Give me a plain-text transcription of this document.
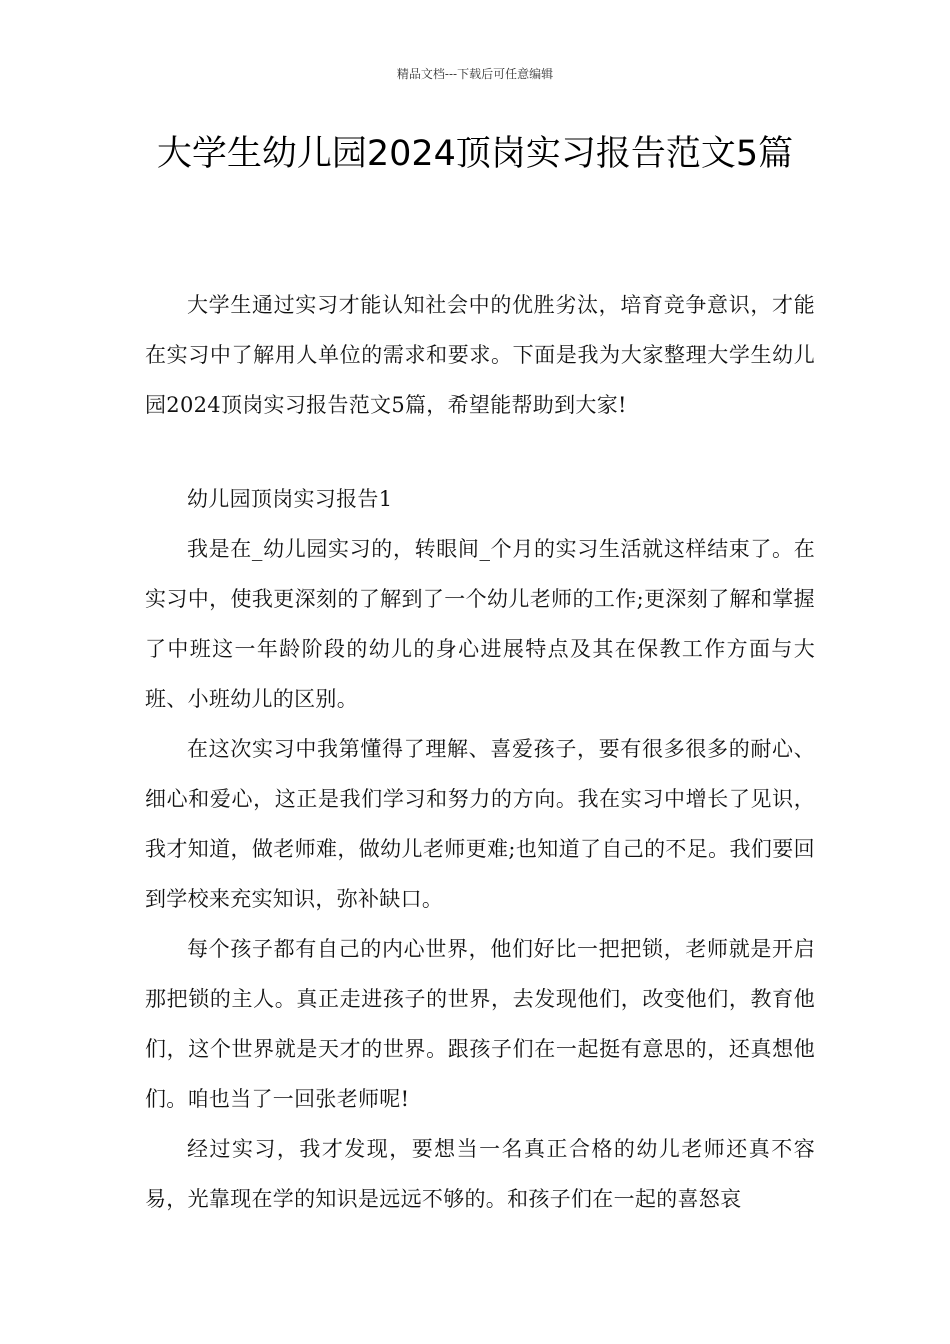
精品文档---下载后可任意编辑
大学生幼儿园2024顶岗实习报告范文5篇

大学生通过实习才能认知社会中的优胜劣汰，培育竞争意识，才能在实习中了解用人单位的需求和要求。下面是我为大家整理大学生幼儿园2024顶岗实习报告范文5篇，希望能帮助到大家!

幼儿园顶岗实习报告1

我是在_幼儿园实习的，转眼间_个月的实习生活就这样结束了。在实习中，使我更深刻的了解到了一个幼儿老师的工作;更深刻了解和掌握了中班这一年龄阶段的幼儿的身心进展特点及其在保教工作方面与大班、小班幼儿的区别。

在这次实习中我第懂得了理解、喜爱孩子，要有很多很多的耐心、细心和爱心，这正是我们学习和努力的方向。我在实习中增长了见识，我才知道，做老师难，做幼儿老师更难;也知道了自己的不足。我们要回到学校来充实知识，弥补缺口。

每个孩子都有自己的内心世界，他们好比一把把锁，老师就是开启那把锁的主人。真正走进孩子的世界，去发现他们，改变他们，教育他们，这个世界就是天才的世界。跟孩子们在一起挺有意思的，还真想他们。咱也当了一回张老师呢!

经过实习，我才发现，要想当一名真正合格的幼儿老师还真不容易，光靠现在学的知识是远远不够的。和孩子们在一起的喜怒哀
